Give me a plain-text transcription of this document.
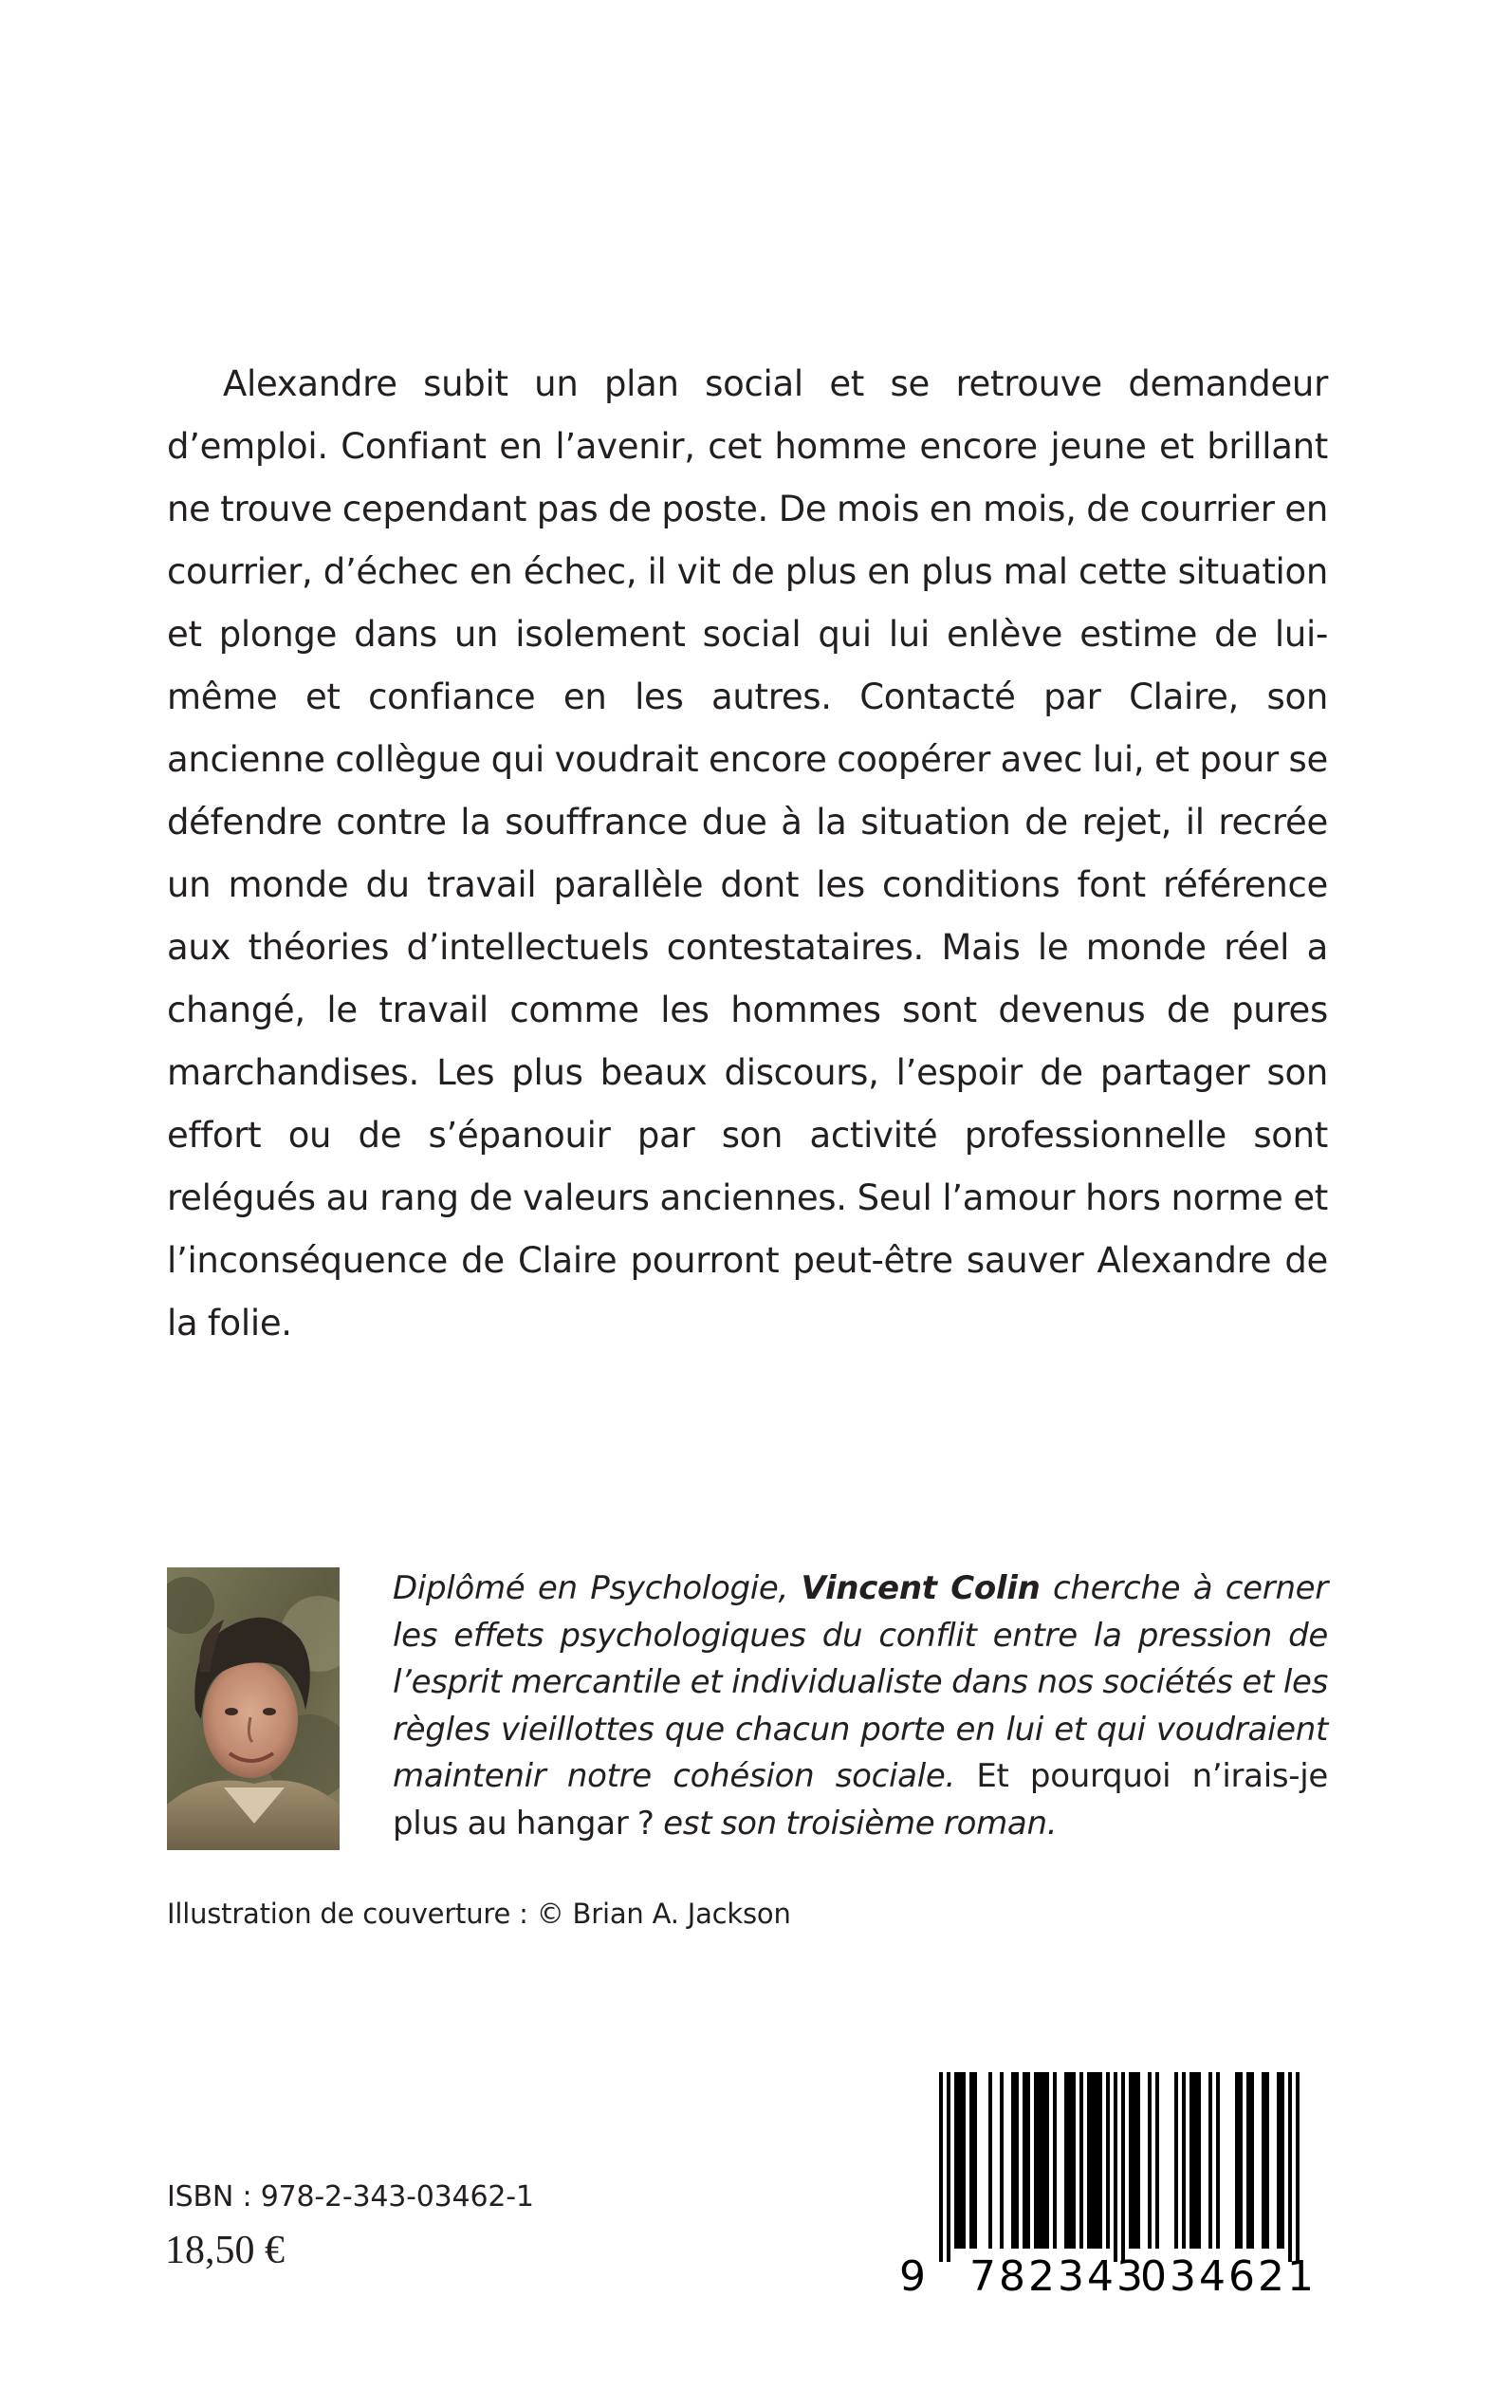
Alexandre subit un plan social et se retrouve demandeur d’emploi. Confiant en l’avenir, cet homme encore jeune et brillant ne trouve cependant pas de poste. De mois en mois, de courrier en courrier, d’échec en échec, il vit de plus en plus mal cette situation et plonge dans un isolement social qui lui enlève estime de lui-même et confiance en les autres. Contacté par Claire, son ancienne collègue qui voudrait encore coopérer avec lui, et pour se défendre contre la souffrance due à la situation de rejet, il recrée un monde du travail parallèle dont les conditions font référence aux théories d’intellectuels contestataires. Mais le monde réel a changé, le travail comme les hommes sont devenus de pures marchandises. Les plus beaux discours, l’espoir de partager son effort ou de s’épanouir par son activité professionnelle sont relégués au rang de valeurs anciennes. Seul l’amour hors norme et l’inconséquence de Claire pourront peut-être sauver Alexandre de la folie.

Diplômé en Psychologie, Vincent Colin cherche à cerner les effets psychologiques du conflit entre la pression de l’esprit mercantile et individualiste dans nos sociétés et les règles vieillottes que chacun porte en lui et qui voudraient maintenir notre cohésion sociale. Et pourquoi n’irais-je plus au hangar ? est son troisième roman.

Illustration de couverture : © Brian A. Jackson
ISBN : 978-2-343-03462-1
18,50 €
9 782343
034621
